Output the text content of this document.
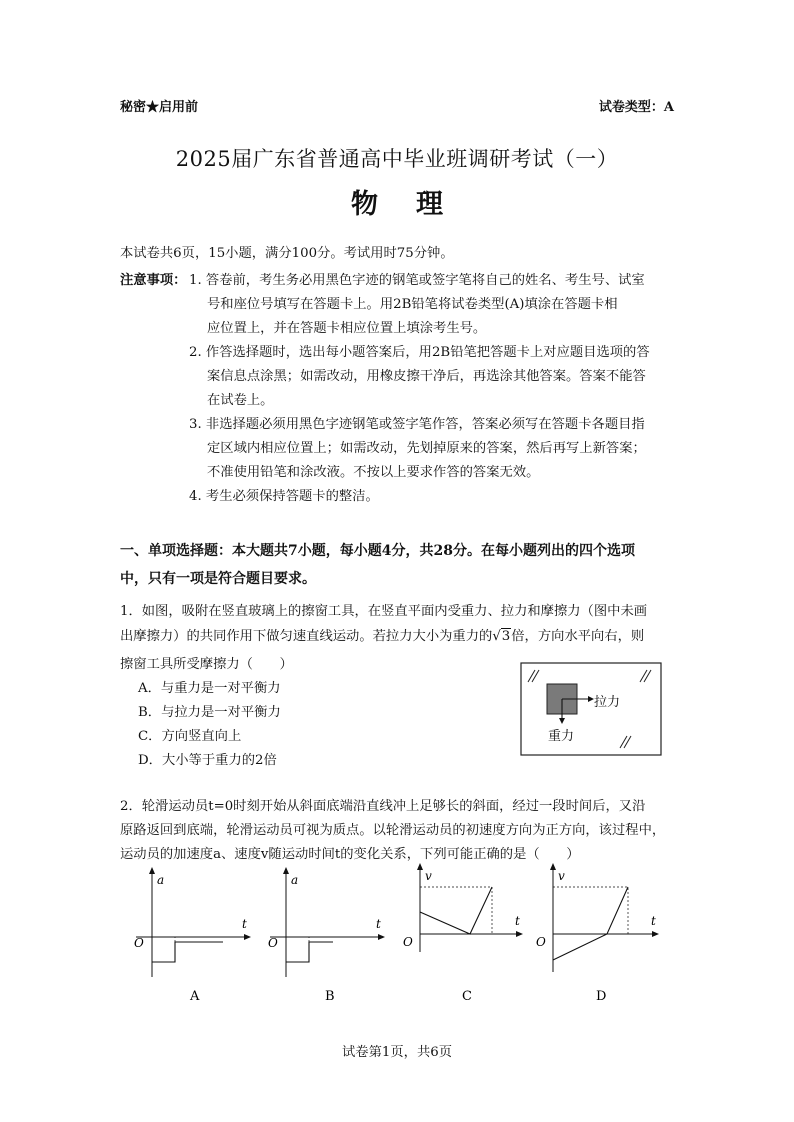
秘密★启用前	试卷类型：A
2025届广东省普通高中毕业班调研考试（一）
物理
本试卷共6页，15小题，满分100分。考试用时75分钟。
注意事项： 1. 答卷前，考生务必用黑色字迹的钢笔或签字笔将自己的姓名、考生号、试室
号和座位号填写在答题卡上。用2B铅笔将试卷类型(A)填涂在答题卡相
应位置上，并在答题卡相应位置上填涂考生号。
2. 作答选择题时，选出每小题答案后，用2B铅笔把答题卡上对应题目选项的答
案信息点涂黑；如需改动，用橡皮擦干净后，再选涂其他答案。答案不能答
在试卷上。
3. 非选择题必须用黑色字迹钢笔或签字笔作答，答案必须写在答题卡各题目指
定区域内相应位置上；如需改动，先划掉原来的答案，然后再写上新答案；
不准使用铅笔和涂改液。不按以上要求作答的答案无效。
4. 考生必须保持答题卡的整洁。
一、单项选择题：本大题共7小题，每小题4分，共28分。在每小题列出的四个选项
中，只有一项是符合题目要求。
1．如图，吸附在竖直玻璃上的擦窗工具，在竖直平面内受重力、拉力和摩擦力（图中未画
出摩擦力）的共同作用下做匀速直线运动。若拉力大小为重力的√3倍，方向水平向右，则
擦窗工具所受摩擦力（　　）
A．与重力是一对平衡力
B．与拉力是一对平衡力
C．方向竖直向上
D．大小等于重力的2倍
拉力
重力
2．轮滑运动员t=0时刻开始从斜面底端沿直线冲上足够长的斜面，经过一段时间后，又沿
原路返回到底端，轮滑运动员可视为质点。以轮滑运动员的初速度方向为正方向，该过程中，
运动员的加速度a、速度v随运动时间t的变化关系，下列可能正确的是（　　）
a
t
O
A
a
t
O
B
v
t
O
C
v
t
O
D
试卷第1页，共6页
